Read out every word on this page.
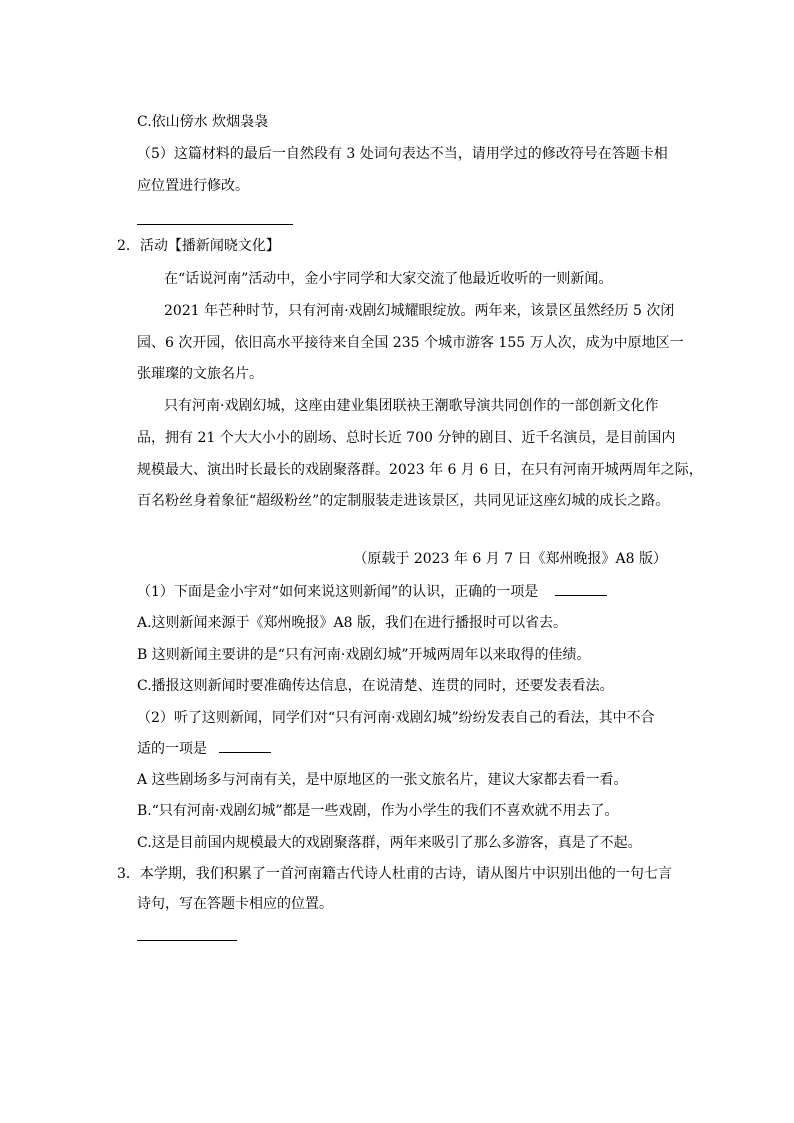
C.依山傍水 炊烟袅袅
（5）这篇材料的最后一自然段有 3 处词句表达不当，请用学过的修改符号在答题卡相
应位置进行修改。
2．活动【播新闻晓文化】
在“话说河南”活动中，金小宇同学和大家交流了他最近收听的一则新闻。
2021 年芒种时节，只有河南·戏剧幻城耀眼绽放。两年来，该景区虽然经历 5 次闭
园、6 次开园，依旧高水平接待来自全国 235 个城市游客 155 万人次，成为中原地区一
张璀璨的文旅名片。
只有河南·戏剧幻城，这座由建业集团联袂王潮歌导演共同创作的一部创新文化作
品，拥有 21 个大大小小的剧场、总时长近 700 分钟的剧目、近千名演员，是目前国内
规模最大、演出时长最长的戏剧聚落群。2023 年 6 月 6 日，在只有河南开城两周年之际，
百名粉丝身着象征“超级粉丝”的定制服装走进该景区，共同见证这座幻城的成长之路。
（原载于 2023 年 6 月 7 日《郑州晚报》A8 版）
（1）下面是金小宇对“如何来说这则新闻”的认识，正确的一项是
A.这则新闻来源于《郑州晚报》A8 版，我们在进行播报时可以省去。
B 这则新闻主要讲的是“只有河南·戏剧幻城”开城两周年以来取得的佳绩。
C.播报这则新闻时要准确传达信息，在说清楚、连贯的同时，还要发表看法。
（2）听了这则新闻，同学们对“只有河南·戏剧幻城”纷纷发表自己的看法，其中不合
适的一项是
A 这些剧场多与河南有关，是中原地区的一张文旅名片，建议大家都去看一看。
B.“只有河南·戏剧幻城”都是一些戏剧，作为小学生的我们不喜欢就不用去了。
C.这是目前国内规模最大的戏剧聚落群，两年来吸引了那么多游客，真是了不起。
3．本学期，我们积累了一首河南籍古代诗人杜甫的古诗，请从图片中识别出他的一句七言
诗句，写在答题卡相应的位置。
